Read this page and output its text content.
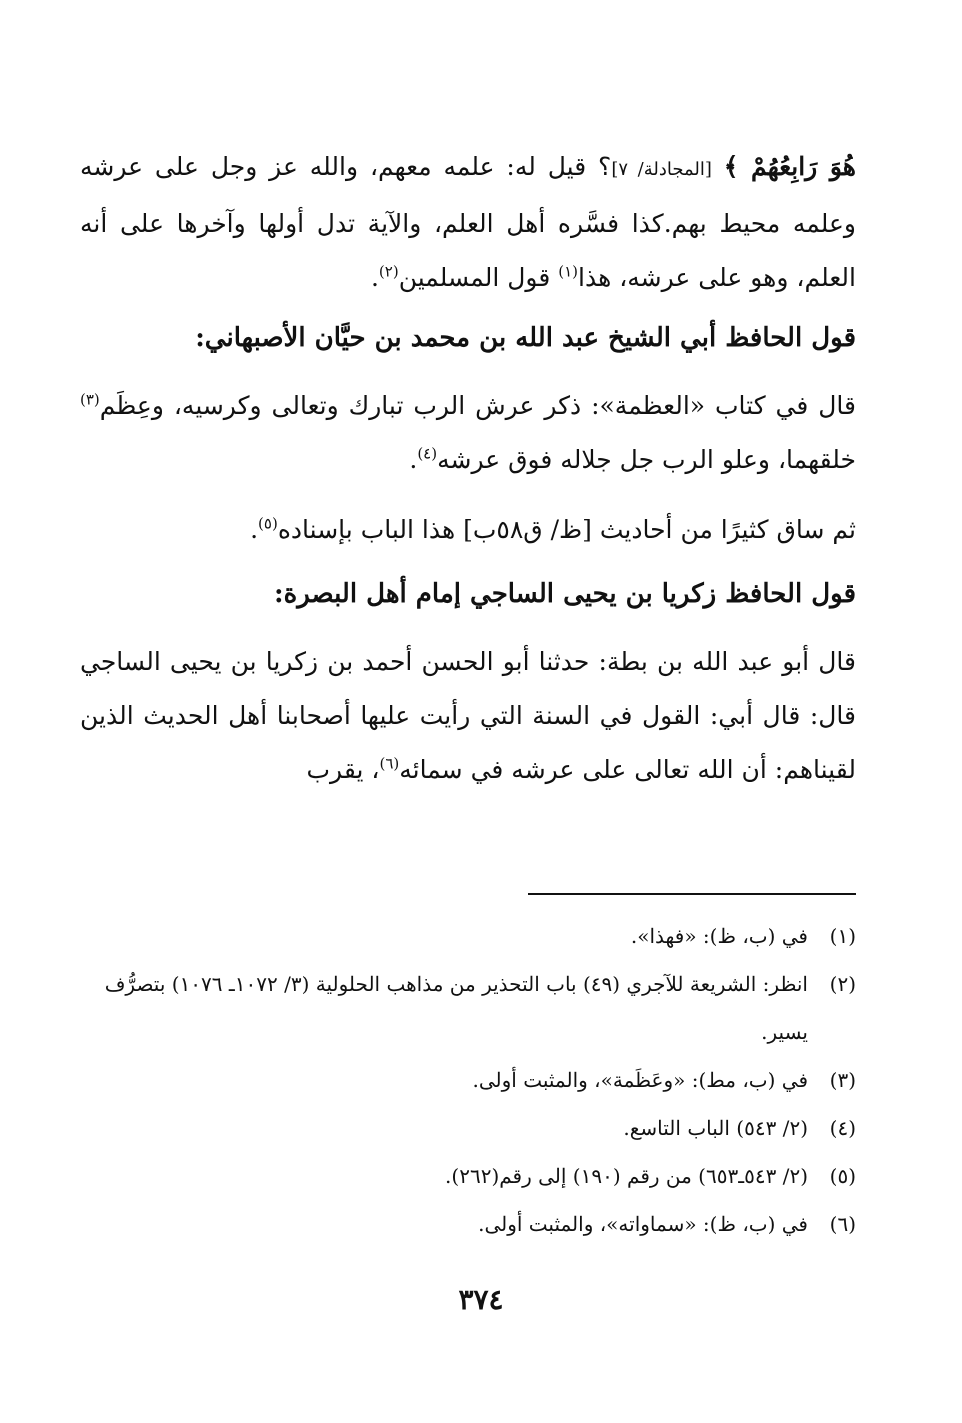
هُوَ رَابِعُهُمْ ﴾ [المجادلة/ ٧]؟ قيل له: علمه معهم، والله عز وجل على عرشه وعلمه محيط بهم.كذا فسَّره أهل العلم، والآية تدل أولها وآخرها على أنه العلم، وهو على عرشه، هذا$^{(١)}$ قول المسلمين$^{(٢)}$.

قول الحافظ أبي الشيخ عبد الله بن محمد بن حيَّان الأصبهاني:

قال في كتاب «العظمة»: ذكر عرش الرب تبارك وتعالى وكرسيه، وعِظَم$^{(٣)}$ خلقهما، وعلو الرب جل جلاله فوق عرشه$^{(٤)}$.

ثم ساق كثيرًا من أحاديث [ظ/ ق٥٨ب] هذا الباب بإسناده$^{(٥)}$.

قول الحافظ زكريا بن يحيى الساجي إمام أهل البصرة:

قال أبو عبد الله بن بطة: حدثنا أبو الحسن أحمد بن زكريا بن يحيى الساجي قال: قال أبي: القول في السنة التي رأيت عليها أصحابنا أهل الحديث الذين لقيناهم: أن الله تعالى على عرشه في سمائه$^{(٦)}$، يقرب

(١)
في (ب، ظ): «فهذا».
(٢)
انظر: الشريعة للآجري (٤٩) باب التحذير من مذاهب الحلولية (٣/ ١٠٧٢ـ ١٠٧٦) بتصرُّف يسير.
(٣)
في (ب، مط): «وعَظَمة»، والمثبت أولى.
(٤)
(٢/ ٥٤٣) الباب التاسع.
(٥)
(٢/ ٥٤٣ـ٦٥٣) من رقم (١٩٠) إلى رقم(٢٦٢).
(٦)
في (ب، ظ): «سماواته»، والمثبت أولى.
٣٧٤
